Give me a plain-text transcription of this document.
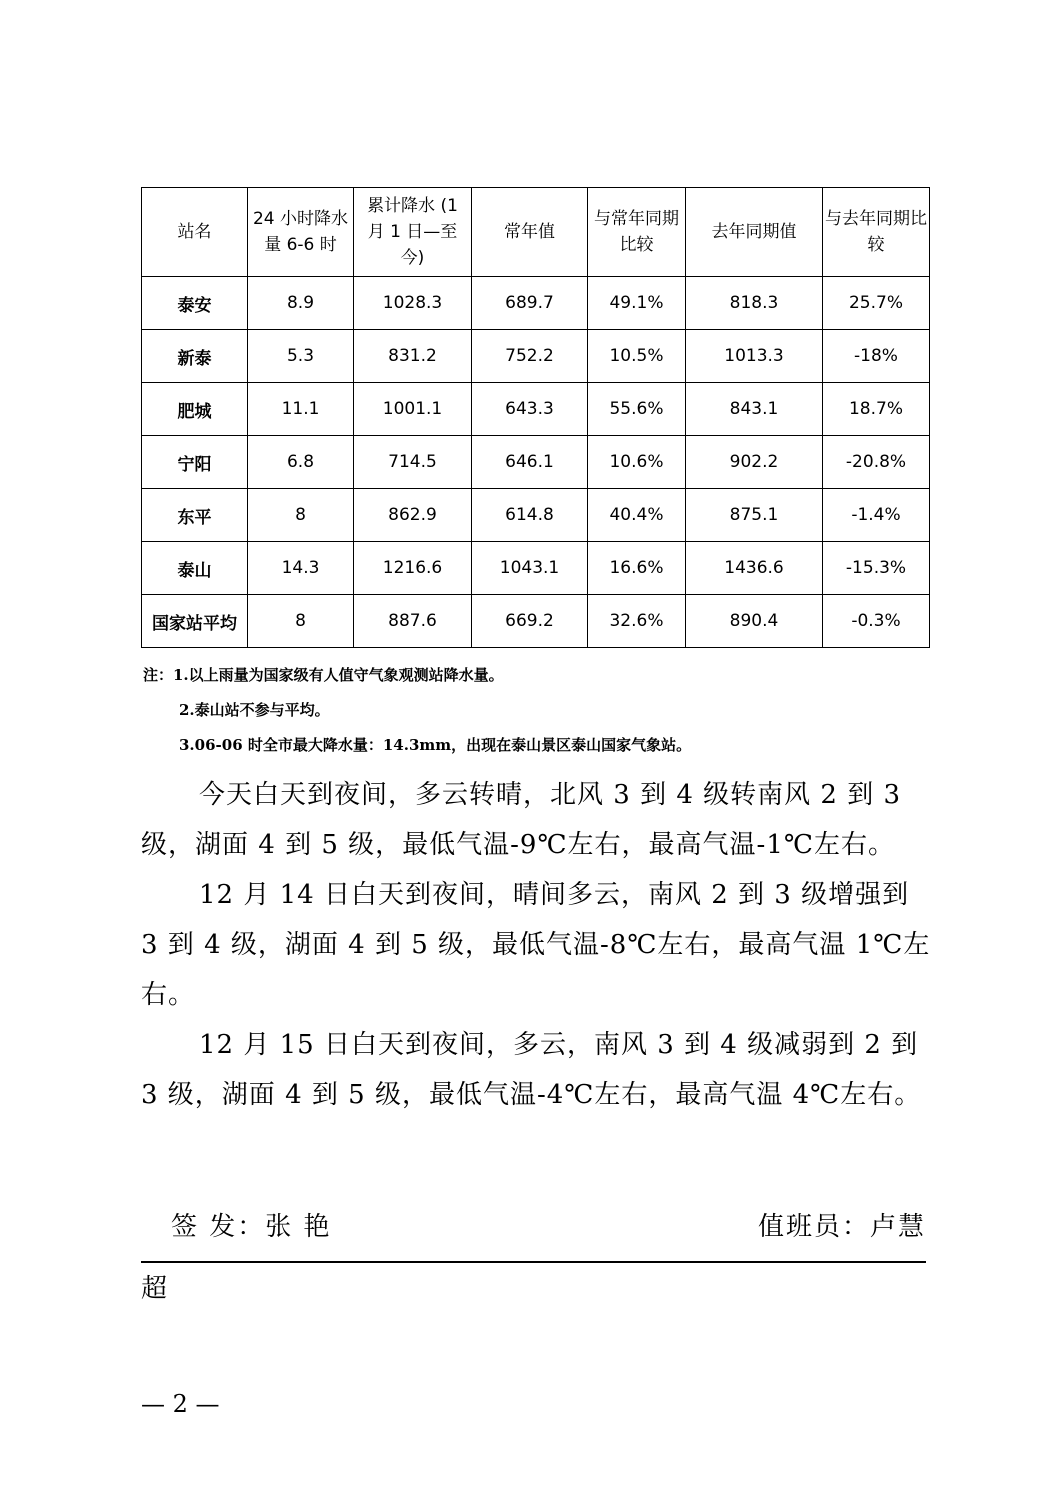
站名	24 小时降水量 6-6 时	累计降水 (1 月 1 日—至今)	常年值	与常年同期比较	去年同期值	与去年同期比较
泰安	8.9	1028.3	689.7	49.1%	818.3	25.7%
新泰	5.3	831.2	752.2	10.5%	1013.3	-18%
肥城	11.1	1001.1	643.3	55.6%	843.1	18.7%
宁阳	6.8	714.5	646.1	10.6%	902.2	-20.8%
东平	8	862.9	614.8	40.4%	875.1	-1.4%
泰山	14.3	1216.6	1043.1	16.6%	1436.6	-15.3%
国家站平均	8	887.6	669.2	32.6%	890.4	-0.3%
注：1.以上雨量为国家级有人值守气象观测站降水量。
2.泰山站不参与平均。
3.06-06 时全市最大降水量：14.3mm，出现在泰山景区泰山国家气象站。

今天白天到夜间，多云转晴，北风 3 到 4 级转南风 2 到 3 级，湖面 4 到 5 级，最低气温-9℃左右，最高气温-1℃左右。

12 月 14 日白天到夜间，晴间多云，南风 2 到 3 级增强到 3 到 4 级，湖面 4 到 5 级，最低气温-8℃左右，最高气温 1℃左右。

12 月 15 日白天到夜间，多云，南风 3 到 4 级减弱到 2 到 3 级，湖面 4 到 5 级，最低气温-4℃左右，最高气温 4℃左右。

签 发：张 艳	值班员：卢慧
超
— 2 —
